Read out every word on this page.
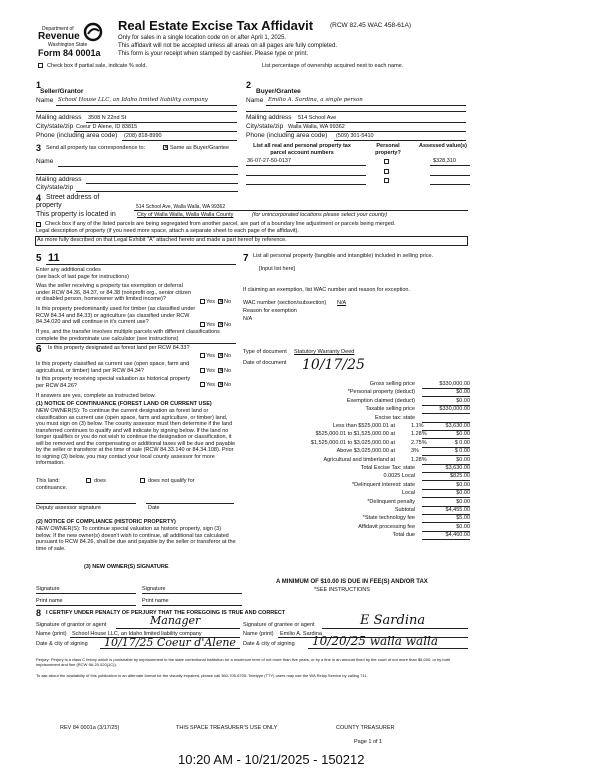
Department of
Revenue
Washington State
Form 84 0001a
Real Estate Excise Tax Affidavit	(RCW 82.45 WAC 458-61A)
Only for sales in a single location code on or after April 1, 2025.
This affidavit will not be accepted unless all areas on all pages are fully completed.
This form is your receipt when stamped by cashier. Please type or print.
Check box if partial sale, indicate % sold.	List percentage of ownership acquired next to each name.
1
Seller/Grantor
Name School House LLC, an Idaho limited liability company
Mailing address 3508 N 22nd St
City/state/zip Coeur D Alene, ID 83815
Phone (including area code) (208) 818-8990
2
Buyer/Grantee
Name Emilio A. Sardina, a single person
Mailing address 514 School Ave
City/state/zip Walla Walla, WA 99362
Phone (including area code) (509) 301-5410
3 Send all property tax correspondence to:	✕ Same as Buyer/Grantee
Name
Mailing address
City/state/zip
List all real and personal property tax parcel account numbers
Personal property?
Assessed value(s)
36-07-27-50-0137	$328,310
4 Street address of
property	514 School Ave, Walla Walla, WA 99362
This property is located in	City of Walla Walla, Walla Walla County	(for unincorporated locations please select your county)
Check box if any of the listed parcels are being segregated from another parcel, are part of a boundary line adjustment or parcels being merged.
Legal description of property (if you need more space, attach a separate sheet to each page of the affidavit).
As more fully described on that Legal Exhibit "A" attached hereto and made a part hereof by reference.
5 11
Enter any additional codes
(see back of last page for instructions)
Was the seller receiving a property tax exemption or deferral under RCW 84.36, 84.37, or 84.38 (nonprofit org., senior citizen or disabled person, homeowner with limited income)?	Yes ✕ No
Is this property predominantly used for timber (as classified under RCW 84.34 and 84.33) or agriculture (as classified under RCW 84.34.020 and will continue in it's current use?	Yes ✕ No
If yes, and the transfer involves multiple parcels with different classifications complete the predominate use calculator (see instructions)
6 Is this property designated as forest land per RCW 84.33?
Yes ✕ No
Is this property classified as current use (open space, farm and agricultural, or timber) land per RCW 84.34?	Yes ✕ No
Is this property receiving special valuation as historical property per RCW 84.26?	Yes ✕ No
If answers are yes, complete as instructed below.
(1) NOTICE OF CONTINUANCE (FOREST LAND OR CURRENT USE)
NEW OWNER(S): To continue the current designation as forest land or classification as current use (open space, farm and agriculture, or timber) land, you must sign on (3) below. The county assessor must then determine if the land transferred continues to qualify and will indicate by signing below. If the land no longer qualifies or you do not wish to continue the designation or classification, it will be removed and the compensating or additional taxes will be due and payable by the seller or transferor at the time of sale (RCW 84.33.140 or 84.34.108). Prior to signing (3) below, you may contact your local county assessor for more information.
This land:	does	does not qualify for
continuance.
Deputy assessor signature	Date
(2) NOTICE OF COMPLIANCE (HISTORIC PROPERTY)
NEW OWNER(S): To continue special valuation as historic property, sign (3) below. If the new owner(s) doesn't wish to continue, all additional tax calculated pursuant to RCW 84.26, shall be due and payable by the seller or transferor at the time of sale.
(3) NEW OWNER(S) SIGNATURE
Signature	Signature
Print name	Print name
7 List all personal property (tangible and intangible) included in selling price.
[Input list here]
If claiming an exemption, list WAC number and reason for exception.
WAC number (section/subsection) N/A
Reason for exemption
N/A
Type of document Statutory Warranty Deed
Date of document 10/17/25
Gross selling price	$330,000.00
*Personal property (deduct)	$0.00
Exemption claimed (deduct)	$0.00
Taxable selling price	$330,000.00
Excise tax: state
Less than $525,000.01 at	1.1%	$3,630.00
$525,000.01 to $1,525,000.00 at	1.28%	$0.00
$1,525,000.01 to $3,025,000.00 at	2.75%	$ 0.00
Above $3,025,000.00 at	3%	$ 0.00
Agricultural and timberland at	1.28%	$0.00
Total Excise Tax: state	$3,630.00
0.0025 Local	$825.00
*Delinquent interest: state	$0.00
Local	$0.00
*Delinquent penalty	$0.00
Subtotal	$4,455.00
*State technology fee	$5.00
Affidavit processing fee	$0.00
Total due	$4,460.00
A MINIMUM OF $10.00 IS DUE IN FEE(S) AND/OR TAX
*SEE INSTRUCTIONS
8 I CERTIFY UNDER PENALTY OF PERJURY THAT THE FOREGOING IS TRUE AND CORRECT
Signature of grantor or agent	Manager
Name (print) School House LLC, an Idaho limited liability company
Date & city of signing 10/17/25 Coeur d'Alene
Signature of grantee or agent	E Sardina
Name (print) Emilio A. Sardina
Date & city of signing 10/20/25 walla walla
Perjury: Perjury is a class C felony which is punishable by imprisonment in the state correctional institution for a maximum term of not more than five years, or by a fine in an amount fixed by the court of not more than $5,000, or by both imprisonment and fine (RCW 9A.20.020(1C)).
To ask about the availability of this publication in an alternate format for the visually impaired, please call 360-705-6705. Teletype (TTY) users may use the WA Relay Service by calling 711.
REV 84 0001a (3/17/25)	THIS SPACE TREASURER'S USE ONLY	COUNTY TREASURER
Page 1 of 1
10:20 AM - 10/21/2025 - 150212
